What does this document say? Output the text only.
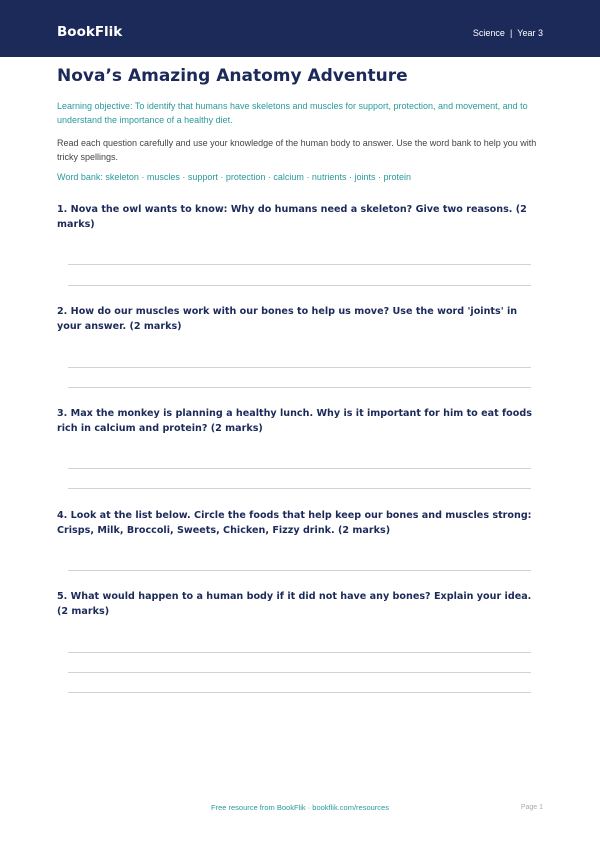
BookFlik	Science | Year 3
Nova’s Amazing Anatomy Adventure
Learning objective: To identify that humans have skeletons and muscles for support, protection, and movement, and to understand the importance of a healthy diet.
Read each question carefully and use your knowledge of the human body to answer. Use the word bank to help you with tricky spellings.
Word bank: skeleton · muscles · support · protection · calcium · nutrients · joints · protein
1. Nova the owl wants to know: Why do humans need a skeleton? Give two reasons. (2 marks)
2. How do our muscles work with our bones to help us move? Use the word 'joints' in your answer. (2 marks)
3. Max the monkey is planning a healthy lunch. Why is it important for him to eat foods rich in calcium and protein? (2 marks)
4. Look at the list below. Circle the foods that help keep our bones and muscles strong: Crisps, Milk, Broccoli, Sweets, Chicken, Fizzy drink. (2 marks)
5. What would happen to a human body if it did not have any bones? Explain your idea. (2 marks)
Free resource from BookFlik · bookflik.com/resources	Page 1
